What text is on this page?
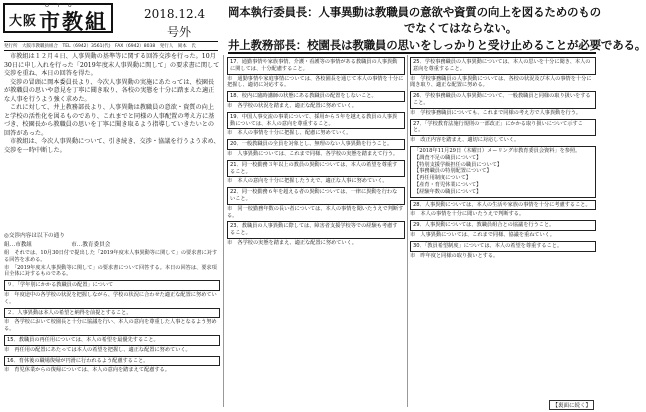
OTU
大阪 市教組	2018.12.4
号外
発行所　大阪市教職員組合　TEL（6942）3561(代)　FAX（6942）8038　発行人　岡本　氏
岡本執行委員長：人事異動は教職員の意欲や資質の向上を図るためのもの
でなくてはならない。
井上教務部長：校園長は教職員の思いをしっかりと受け止めることが必要である。

市教組は１２月４日、人事異動の基準等に関する回答交渉を行った。10月30日に申し入れを行った「2019年度末人事異動に関して」の要求書に関して交渉を重ね、本日の回答を得た。

交渉の冒頭に岡本委員長より、今次人事異動の実施にあたっては、校園長が教職員の思いや意見を丁寧に聞き取り、各校の実態を十分に踏まえた適正な人事を行うよう強く求めた。

これに対して、井上教務部長より、人事異動は教職員の意欲・資質の向上と学校の活性化を図るものであり、これまでと同様の人事配置の考え方に基づき、校園長から教職員の思いを丁寧に聞き取るよう指導していきたいとの回答があった。

市教組は、今次人事異動について、引き続き、交渉・協議を行うよう求め、交渉を一時中断した。

◎交渉内容は以下の通り
組…市教組　　　　　　　市…教育委員会
組　それでは、10月30日付で提出した「2019年度末人事異動等に関して」の要求書に対する回答を求める。
市　「2019年度末人事異動等に関して」の要求書について回答する。本日の回答は、要求項目全体に対するものである。
９．「学年別にかかる教職員の配置」について
市　年度途中の各学校の状況を把握しながら、学校の状況に合わせた適正な配置に努めていく。
２．人事異動は本人の希望と納得を前提とすること。
市　各学校において校園長と十分に協議を行い、本人の意向を尊重した人事となるよう努める。
15．教職員の再任用については、本人の希望を最優先すること。
市　再任用の配置にあたっては本人の希望を把握し、適正な配置に努めていく。
16．育休後の職場復帰が円滑に行われるよう配慮すること。
市　育児休業からの復帰については、本人の意向を踏まえて配慮する。
17．通勤事情や家族事情、介護・看護等の事情がある教職員の人事異動に関しては、十分配慮すること。
市　通勤事情や家庭事情については、各校園長を通じて本人の事情を十分に把握し、適切に対応する。
18．校内に臨時講師の状態にある教職員の配置をしないこと。
市　各学校の状況を踏まえ、適正な配置に努めていく。
19．中国人事交流の事業について、採用から５年を越える教員の人事異動については、本人の意向を尊重すること。
市　本人の事情を十分に把握し、配慮に努めていく。
20．一般教職員の全員を対象とし、無理のない人事異動を行うこと。
市　人事異動については、これまで同様、各学校の実態を踏まえて行う。
21．同一校勤務３年以上の教員の異動については、本人の希望を尊重すること。
市　本人の意向を十分に把握したうえで、適正な人事に努めていく。
22．同一校勤務６年を超える者の異動については、一律に異動を行わないこと。
市　同一校勤務年数の長い者については、本人の事情を聞いたうえで判断する。
23．教職員の人事異動に際しては、障害者支援学校等での経験も考慮すること。
市　各学校の実態を踏まえ、適正な配置に努めていく。
25．学校事務職員の人事異動については、本人の思いを十分に聞き、本人の意向を尊重すること。
市　学校事務職員の人事異動については、各校の状況及び本人の事情を十分に聞き取り、適正な配置に努める。
26．学校事務職員の人事異動について、一般教職員と同様の取り扱いをすること。
市　学校事務職員についても、これまで同様の考え方で人事異動を行う。
27．「学校教育法施行規則の一部改正」にかかる取り扱いについて示すこと。
市　改正内容を踏まえ、適切に対応していく。
「2018年11月29日（木曜日）メーリング市教育委員会資料」を参照。
【調査不足の職員について】
【特別支援学級担任の職員について】
【事務職員の特別配置について】
【再任用制度について】
【産育・育児休業について】
【経験年数の職員について】
28．人事異動については、本人の生活や家族の事情を十分に考慮すること。
市　本人の事情を十分に聞いたうえで判断する。
29．人事異動については、教職員組合との協議を行うこと。
市　人事異動については、これまで同様、協議を重ねていく。
30．「教員希望制度」については、本人の希望を尊重すること。
市　昨年度と同様の取り扱いとする。
【裏面に続く】
